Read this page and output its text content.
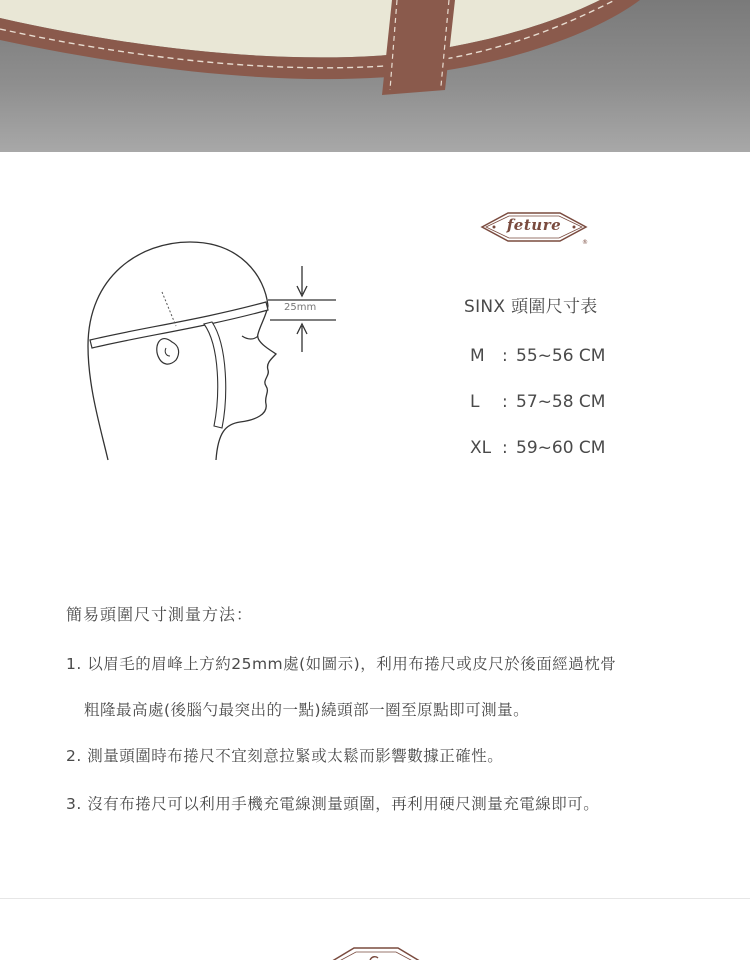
25mm
feture
®
SINX 頭圍尺寸表
M : 55~56 CM
L : 57~58 CM
XL : 59~60 CM
簡易頭圍尺寸測量方法：
1. 以眉毛的眉峰上方約25mm處(如圖示)，利用布捲尺或皮尺於後面經過枕骨
粗隆最高處(後腦勺最突出的一點)繞頭部一圈至原點即可測量。
2. 測量頭圍時布捲尺不宜刻意拉緊或太鬆而影響數據正確性。
3. 沒有布捲尺可以利用手機充電線測量頭圍，再利用硬尺測量充電線即可。
